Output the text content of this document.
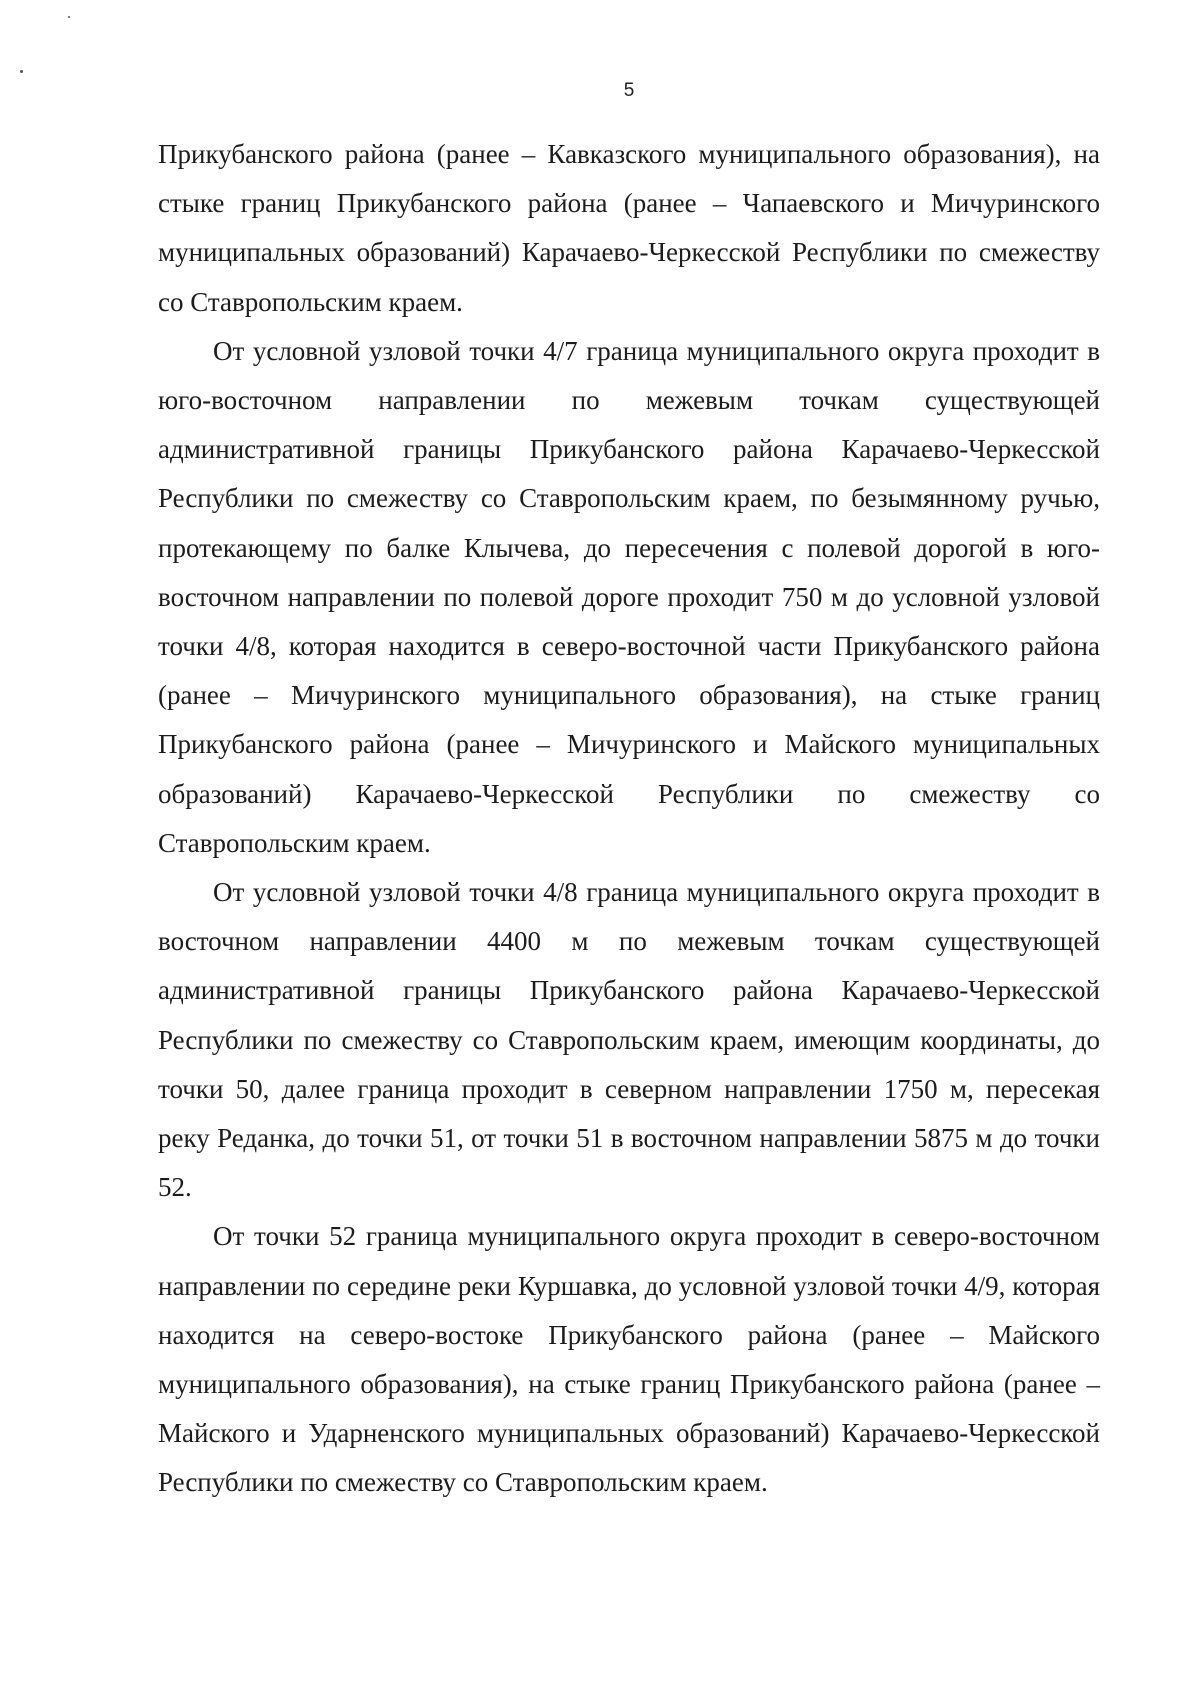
5

Прикубанского района (ранее – Кавказского муниципального образования), на стыке границ Прикубанского района (ранее – Чапаевского и Мичуринского муниципальных образований) Карачаево-Черкесской Республики по смежеству со Ставропольским краем.

От условной узловой точки 4/7 граница муниципального округа проходит в юго-восточном направлении по межевым точкам существующей административной границы Прикубанского района Карачаево-Черкесской Республики по смежеству со Ставропольским краем, по безымянному ручью, протекающему по балке Клычева, до пересечения с полевой дорогой в юго-восточном направлении по полевой дороге проходит 750 м до условной узловой точки 4/8, которая находится в северо-восточной части Прикубанского района (ранее – Мичуринского муниципального образования), на стыке границ Прикубанского района (ранее – Мичуринского и Майского муниципальных образований) Карачаево-Черкесской Республики по смежеству со Ставропольским краем.

От условной узловой точки 4/8 граница муниципального округа проходит в восточном направлении 4400 м по межевым точкам существующей административной границы Прикубанского района Карачаево-Черкесской Республики по смежеству со Ставропольским краем, имеющим координаты, до точки 50, далее граница проходит в северном направлении 1750 м, пересекая реку Реданка, до точки 51, от точки 51 в восточном направлении 5875 м до точки 52.

От точки 52 граница муниципального округа проходит в северо-восточном направлении по середине реки Куршавка, до условной узловой точки 4/9, которая находится на северо-востоке Прикубанского района (ранее – Майского муниципального образования), на стыке границ Прикубанского района (ранее – Майского и Ударненского муниципальных образований) Карачаево-Черкесской Республики по смежеству со Ставропольским краем.
